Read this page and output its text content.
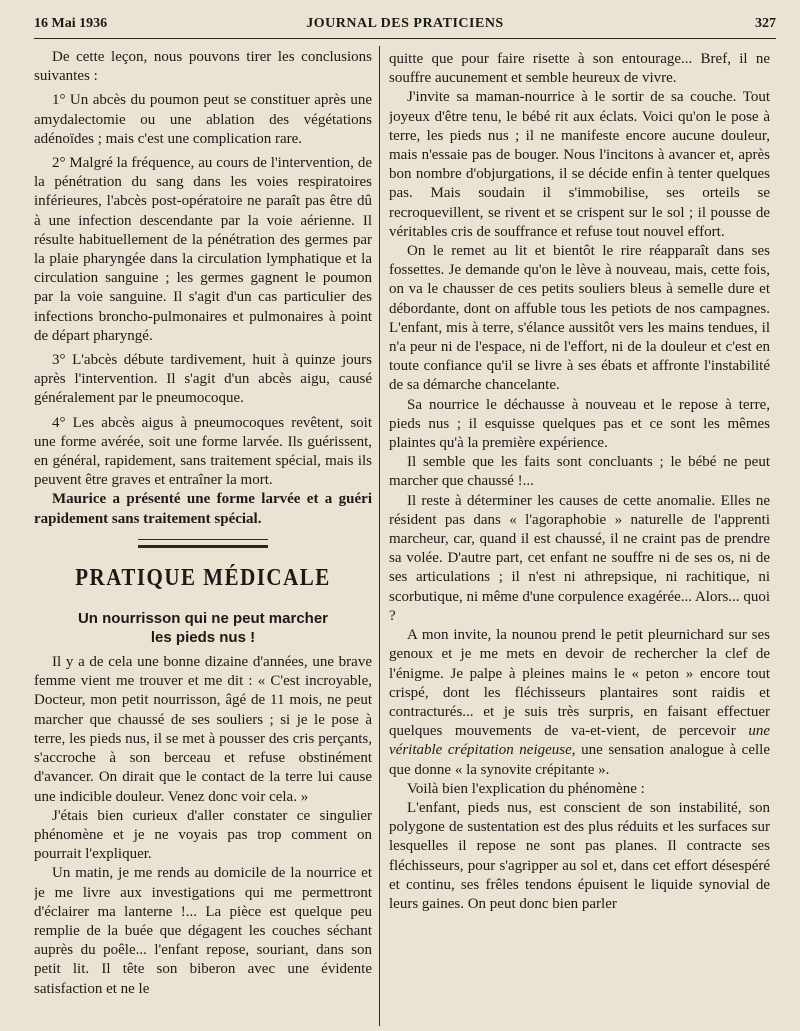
16 Mai 1936	JOURNAL DES PRATICIENS	327

De cette leçon, nous pouvons tirer les conclusions suivantes :

1° Un abcès du poumon peut se constituer après une amydalectomie ou une ablation des végétations adénoïdes ; mais c'est une complication rare.

2° Malgré la fréquence, au cours de l'intervention, de la pénétration du sang dans les voies respiratoires inférieures, l'abcès post-opératoire ne paraît pas être dû à une infection descendante par la voie aérienne. Il résulte habituellement de la pénétration des germes par la plaie pharyngée dans la circulation lymphatique et la circulation sanguine ; les germes gagnent le poumon par la voie sanguine. Il s'agit d'un cas particulier des infections broncho-pulmonaires et pulmonaires à point de départ pharyngé.

3° L'abcès débute tardivement, huit à quinze jours après l'intervention. Il s'agit d'un abcès aigu, causé généralement par le pneumocoque.

4° Les abcès aigus à pneumocoques revêtent, soit une forme avérée, soit une forme larvée. Ils guérissent, en général, rapidement, sans traitement spécial, mais ils peuvent être graves et entraîner la mort.

Maurice a présenté une forme larvée et a guéri rapidement sans traitement spécial.

PRATIQUE MÉDICALE
Un nourrisson qui ne peut marcher
les pieds nus !

Il y a de cela une bonne dizaine d'années, une brave femme vient me trouver et me dit : « C'est incroyable, Docteur, mon petit nourrisson, âgé de 11 mois, ne peut marcher que chaussé de ses souliers ; si je le pose à terre, les pieds nus, il se met à pousser des cris perçants, s'accroche à son berceau et refuse obstinément d'avancer. On dirait que le contact de la terre lui cause une indicible douleur. Venez donc voir cela. »

J'étais bien curieux d'aller constater ce singulier phénomène et je ne voyais pas trop comment on pourrait l'expliquer.

Un matin, je me rends au domicile de la nourrice et je me livre aux investigations qui me permettront d'éclairer ma lanterne !... La pièce est quelque peu remplie de la buée que dégagent les couches séchant auprès du poêle... l'enfant repose, souriant, dans son petit lit. Il tête son biberon avec une évidente satisfaction et ne le

quitte que pour faire risette à son entourage... Bref, il ne souffre aucunement et semble heureux de vivre.

J'invite sa maman-nourrice à le sortir de sa couche. Tout joyeux d'être tenu, le bébé rit aux éclats. Voici qu'on le pose à terre, les pieds nus ; il ne manifeste encore aucune douleur, mais n'essaie pas de bouger. Nous l'incitons à avancer et, après bon nombre d'objurgations, il se décide enfin à tenter quelques pas. Mais soudain il s'immobilise, ses orteils se recroquevillent, se rivent et se crispent sur le sol ; il pousse de véritables cris de souffrance et refuse tout nouvel effort.

On le remet au lit et bientôt le rire réapparaît dans ses fossettes. Je demande qu'on le lève à nouveau, mais, cette fois, on va le chausser de ces petits souliers bleus à semelle dure et débordante, dont on affuble tous les petiots de nos campagnes. L'enfant, mis à terre, s'élance aussitôt vers les mains tendues, il n'a peur ni de l'espace, ni de l'effort, ni de la douleur et c'est en toute confiance qu'il se livre à ses ébats et affronte l'instabilité de sa démarche chancelante.

Sa nourrice le déchausse à nouveau et le repose à terre, pieds nus ; il esquisse quelques pas et ce sont les mêmes plaintes qu'à la première expérience.

Il semble que les faits sont concluants ; le bébé ne peut marcher que chaussé !...

Il reste à déterminer les causes de cette anomalie. Elles ne résident pas dans « l'agoraphobie » naturelle de l'apprenti marcheur, car, quand il est chaussé, il ne craint pas de prendre sa volée. D'autre part, cet enfant ne souffre ni de ses os, ni de ses articulations ; il n'est ni athrepsique, ni rachitique, ni scorbutique, ni même d'une corpulence exagérée... Alors... quoi ?

A mon invite, la nounou prend le petit pleurnichard sur ses genoux et je me mets en devoir de rechercher la clef de l'énigme. Je palpe à pleines mains le « peton » encore tout crispé, dont les fléchisseurs plantaires sont raidis et contracturés... et je suis très surpris, en faisant effectuer quelques mouvements de va-et-vient, de percevoir une véritable crépitation neigeuse, une sensation analogue à celle que donne « la synovite crépitante ».

Voilà bien l'explication du phénomène :

L'enfant, pieds nus, est conscient de son instabilité, son polygone de sustentation est des plus réduits et les surfaces sur lesquelles il repose ne sont pas planes. Il contracte ses fléchisseurs, pour s'agripper au sol et, dans cet effort désespéré et continu, ses frêles tendons épuisent le liquide synovial de leurs gaines. On peut donc bien parler
